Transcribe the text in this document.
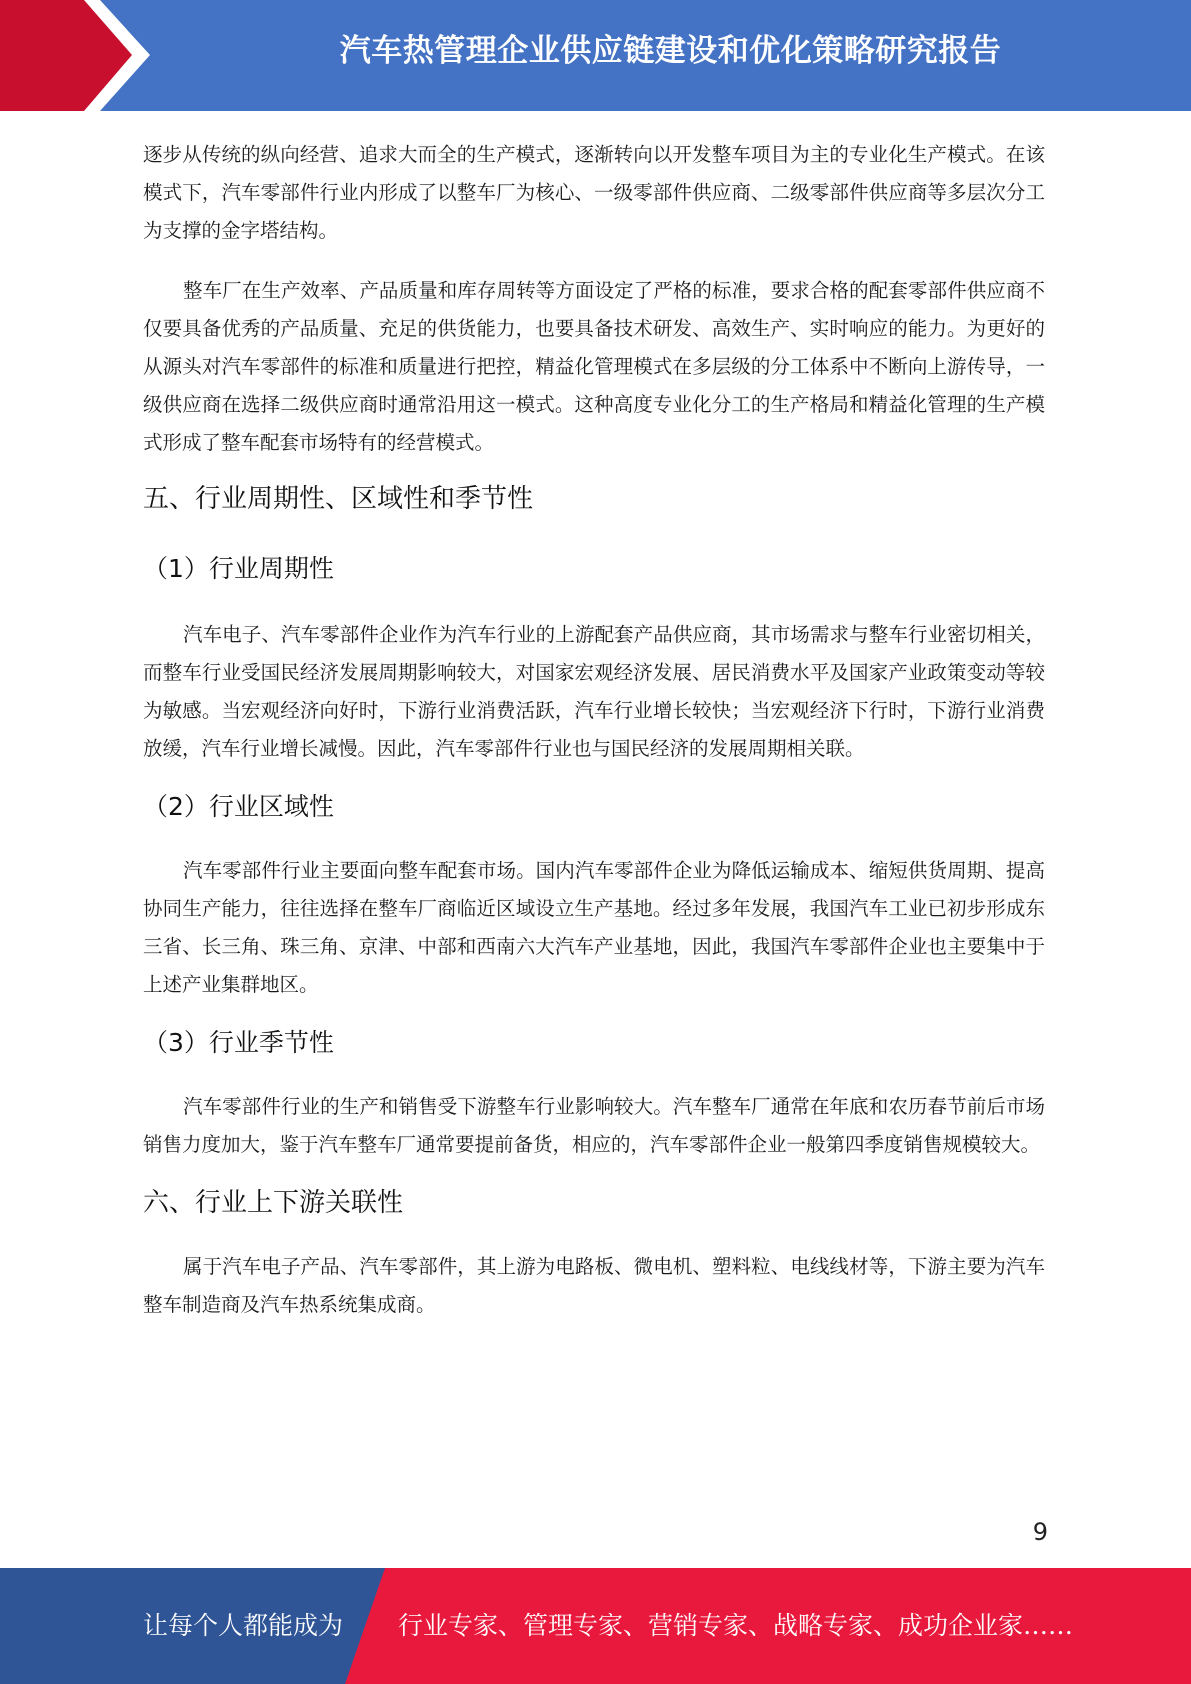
汽车热管理企业供应链建设和优化策略研究报告

逐步从传统的纵向经营、追求大而全的生产模式，逐渐转向以开发整车项目为主的专业化生产模式。在该模式下，汽车零部件行业内形成了以整车厂为核心、一级零部件供应商、二级零部件供应商等多层次分工为支撑的金字塔结构。

整车厂在生产效率、产品质量和库存周转等方面设定了严格的标准，要求合格的配套零部件供应商不仅要具备优秀的产品质量、充足的供货能力，也要具备技术研发、高效生产、实时响应的能力。为更好的从源头对汽车零部件的标准和质量进行把控，精益化管理模式在多层级的分工体系中不断向上游传导，一级供应商在选择二级供应商时通常沿用这一模式。这种高度专业化分工的生产格局和精益化管理的生产模式形成了整车配套市场特有的经营模式。

五、行业周期性、区域性和季节性
（1）行业周期性

汽车电子、汽车零部件企业作为汽车行业的上游配套产品供应商，其市场需求与整车行业密切相关，而整车行业受国民经济发展周期影响较大，对国家宏观经济发展、居民消费水平及国家产业政策变动等较为敏感。当宏观经济向好时，下游行业消费活跃，汽车行业增长较快；当宏观经济下行时，下游行业消费放缓，汽车行业增长减慢。因此，汽车零部件行业也与国民经济的发展周期相关联。

（2）行业区域性

汽车零部件行业主要面向整车配套市场。国内汽车零部件企业为降低运输成本、缩短供货周期、提高协同生产能力，往往选择在整车厂商临近区域设立生产基地。经过多年发展，我国汽车工业已初步形成东三省、长三角、珠三角、京津、中部和西南六大汽车产业基地，因此，我国汽车零部件企业也主要集中于上述产业集群地区。

（3）行业季节性

汽车零部件行业的生产和销售受下游整车行业影响较大。汽车整车厂通常在年底和农历春节前后市场销售力度加大，鉴于汽车整车厂通常要提前备货，相应的，汽车零部件企业一般第四季度销售规模较大。

六、行业上下游关联性

属于汽车电子产品、汽车零部件，其上游为电路板、微电机、塑料粒、电线线材等，下游主要为汽车整车制造商及汽车热系统集成商。

9
让每个人都能成为 行业专家、管理专家、营销专家、战略专家、成功企业家……
